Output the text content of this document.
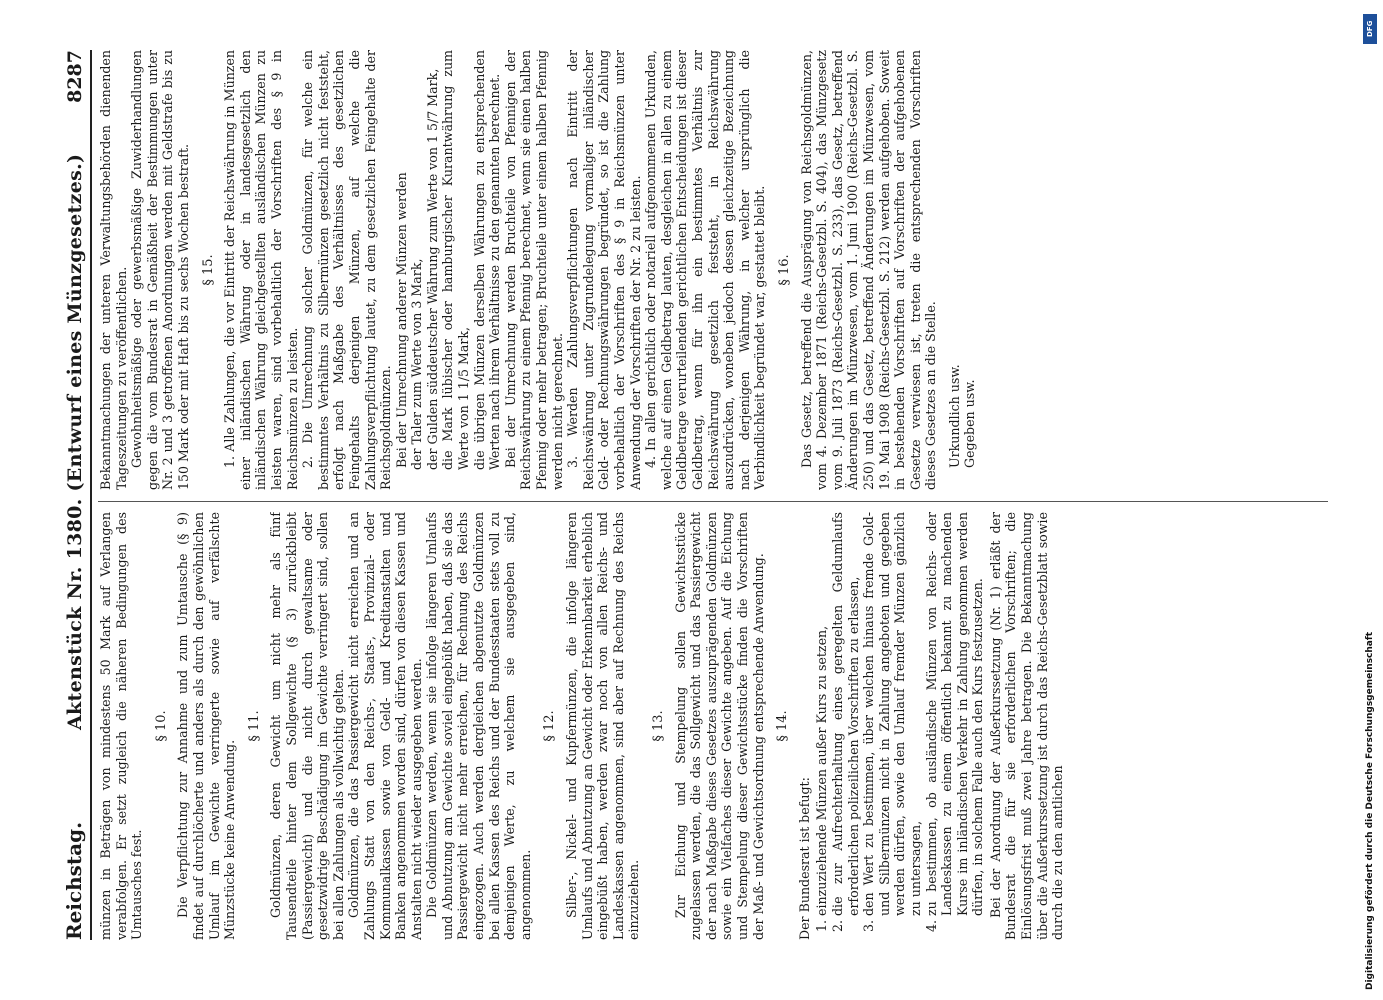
Reichstag.
Aktenstück Nr. 1380. (Entwurf eines Münzgesetzes.)
8287

münzen in Beträgen von mindestens 50 Mark auf Verlangen verabfolgen. Er setzt zugleich die näheren Bedingungen des Umtausches fest.

§ 10. Die Verpflichtung zur Annahme und zum Umtausche (§ 9) findet auf durchlöcherte und anders als durch den gewöhnlichen Umlauf im Gewichte verringerte sowie auf verfälschte Münzstücke keine Anwendung.

§ 11. Goldmünzen, deren Gewicht um nicht mehr als fünf Tausendteile hinter dem Sollgewichte (§ 3) zurückbleibt (Passiergewicht) und die nicht durch gewaltsame oder gesetzwidrige Beschädigung im Gewichte verringert sind, sollen bei allen Zahlungen als vollwichtig gelten. Goldmünzen, die das Passiergewicht nicht erreichen und an Zahlungs Statt von den Reichs-, Staats-, Provinzial- oder Kommunalkassen sowie von Geld- und Kreditanstalten und Banken angenommen worden sind, dürfen von diesen Kassen und Anstalten nicht wieder ausgegeben werden. Die Goldmünzen werden, wenn sie infolge längeren Umlaufs und Abnutzung am Gewichte soviel eingebüßt haben, daß sie das Passiergewicht nicht mehr erreichen, für Rechnung des Reichs eingezogen. Auch werden dergleichen abgenutzte Goldmünzen bei allen Kassen des Reichs und der Bundesstaaten stets voll zu demjenigen Werte, zu welchem sie ausgegeben sind, angenommen.

§ 12. Silber-, Nickel- und Kupfermünzen, die infolge längeren Umlaufs und Abnutzung an Gewicht oder Erkennbarkeit erheblich eingebüßt haben, werden zwar noch von allen Reichs- und Landeskassen angenommen, sind aber auf Rechnung des Reichs einzuziehen.

§ 13. Zur Eichung und Stempelung sollen Gewichtsstücke zugelassen werden, die das Sollgewicht und das Passiergewicht der nach Maßgabe dieses Gesetzes auszuprägenden Goldmünzen sowie ein Vielfaches dieser Gewichte angeben. Auf die Eichung und Stempelung dieser Gewichtsstücke finden die Vorschriften der Maß- und Gewichtsordnung entsprechende Anwendung. § 14.

Der Bundesrat ist befugt: 1. einzuziehende Münzen außer Kurs zu setzen, 2. die zur Aufrechterhaltung eines geregelten Geldumlaufs erforderlichen polizeilichen Vorschriften zu erlassen, 3. den Wert zu bestimmen, über welchen hinaus fremde Gold- und Silbermünzen nicht in Zahlung angeboten und gegeben werden dürfen, sowie den Umlauf fremder Münzen gänzlich zu untersagen, 4. zu bestimmen, ob ausländische Münzen von Reichs- oder Landeskassen zu einem öffentlich bekannt zu machenden Kurse im inländischen Verkehr in Zahlung genommen werden dürfen, in solchem Falle auch den Kurs festzusetzen. Bei der Anordnung der Außerkurssetzung (Nr. 1) erläßt der Bundesrat die für sie erforderlichen Vorschriften; die Einlösungsfrist muß zwei Jahre betragen. Die Bekanntmachung über die Außerkurssetzung ist durch das Reichs-Gesetzblatt sowie durch die zu den amtlichen

Bekanntmachungen der unteren Verwaltungsbehörden dienenden Tageszeitungen zu veröffentlichen. Gewohnheitsmäßige oder gewerbsmäßige Zuwiderhandlungen gegen die vom Bundesrat in Gemäßheit der Bestimmungen unter Nr. 2 und 3 getroffenen Anordnungen werden mit Geldstrafe bis zu 150 Mark oder mit Haft bis zu sechs Wochen bestraft. § 15. 1. Alle Zahlungen, die vor Eintritt der Reichswährung in Münzen einer inländischen Währung oder in landesgesetzlich den inländischen Währung gleichgestellten ausländischen Münzen zu leisten waren, sind vorbehaltlich der Vorschriften des § 9 in Reichsmünzen zu leisten. 2. Die Umrechnung solcher Goldmünzen, für welche ein bestimmtes Verhältnis zu Silbermünzen gesetzlich nicht feststeht, erfolgt nach Maßgabe des Verhältnisses des gesetzlichen Feingehalts derjenigen Münzen, auf welche die Zahlungsverpflichtung lautet, zu dem gesetzlichen Feingehalte der Reichsgoldmünzen. Bei der Umrechnung anderer Münzen werden der Taler zum Werte von 3 Mark, der Gulden süddeutscher Währung zum Werte von 1 5/7 Mark, die Mark lübischer oder hamburgischer Kurantwährung zum Werte von 1 1/5 Mark, die übrigen Münzen derselben Währungen zu entsprechenden Werten nach ihrem Verhältnisse zu den genannten berechnet. Bei der Umrechnung werden Bruchteile von Pfennigen der Reichswährung zu einem Pfennig berechnet, wenn sie einen halben Pfennig oder mehr betragen; Bruchteile unter einem halben Pfennig werden nicht gerechnet. 3. Werden Zahlungsverpflichtungen nach Eintritt der Reichswährung unter Zugrundelegung vormaliger inländischer Geld- oder Rechnungswährungen begründet, so ist die Zahlung vorbehaltlich der Vorschriften des § 9 in Reichsmünzen unter Anwendung der Vorschriften der Nr. 2 zu leisten. 4. In allen gerichtlich oder notariell aufgenommenen Urkunden, welche auf einen Geldbetrag lauten, desgleichen in allen zu einem Geldbetrage verurteilenden gerichtlichen Entscheidungen ist dieser Geldbetrag, wenn für ihn ein bestimmtes Verhältnis zur Reichswährung gesetzlich feststeht, in Reichswährung auszudrücken, woneben jedoch dessen gleichzeitige Bezeichnung nach derjenigen Währung, in welcher ursprünglich die Verbindlichkeit begründet war, gestattet bleibt. § 16. Das Gesetz, betreffend die Ausprägung von Reichsgoldmünzen, vom 4. Dezember 1871 (Reichs-Gesetzbl. S. 404), das Münzgesetz vom 9. Juli 1873 (Reichs-Gesetzbl. S. 233), das Gesetz, betreffend Änderungen im Münzwesen, vom 1. Juni 1900 (Reichs-Gesetzbl. S. 250) und das Gesetz, betreffend Änderungen im Münzwesen, vom 19. Mai 1908 (Reichs-Gesetzbl. S. 212) werden aufgehoben. Soweit in bestehenden Vorschriften auf Vorschriften der aufgehobenen Gesetze verwiesen ist, treten die entsprechenden Vorschriften dieses Gesetzes an die Stelle. Urkundlich usw. Gegeben usw.

DFG
Digitalisierung gefördert durch die Deutsche Forschungsgemeinschaft
